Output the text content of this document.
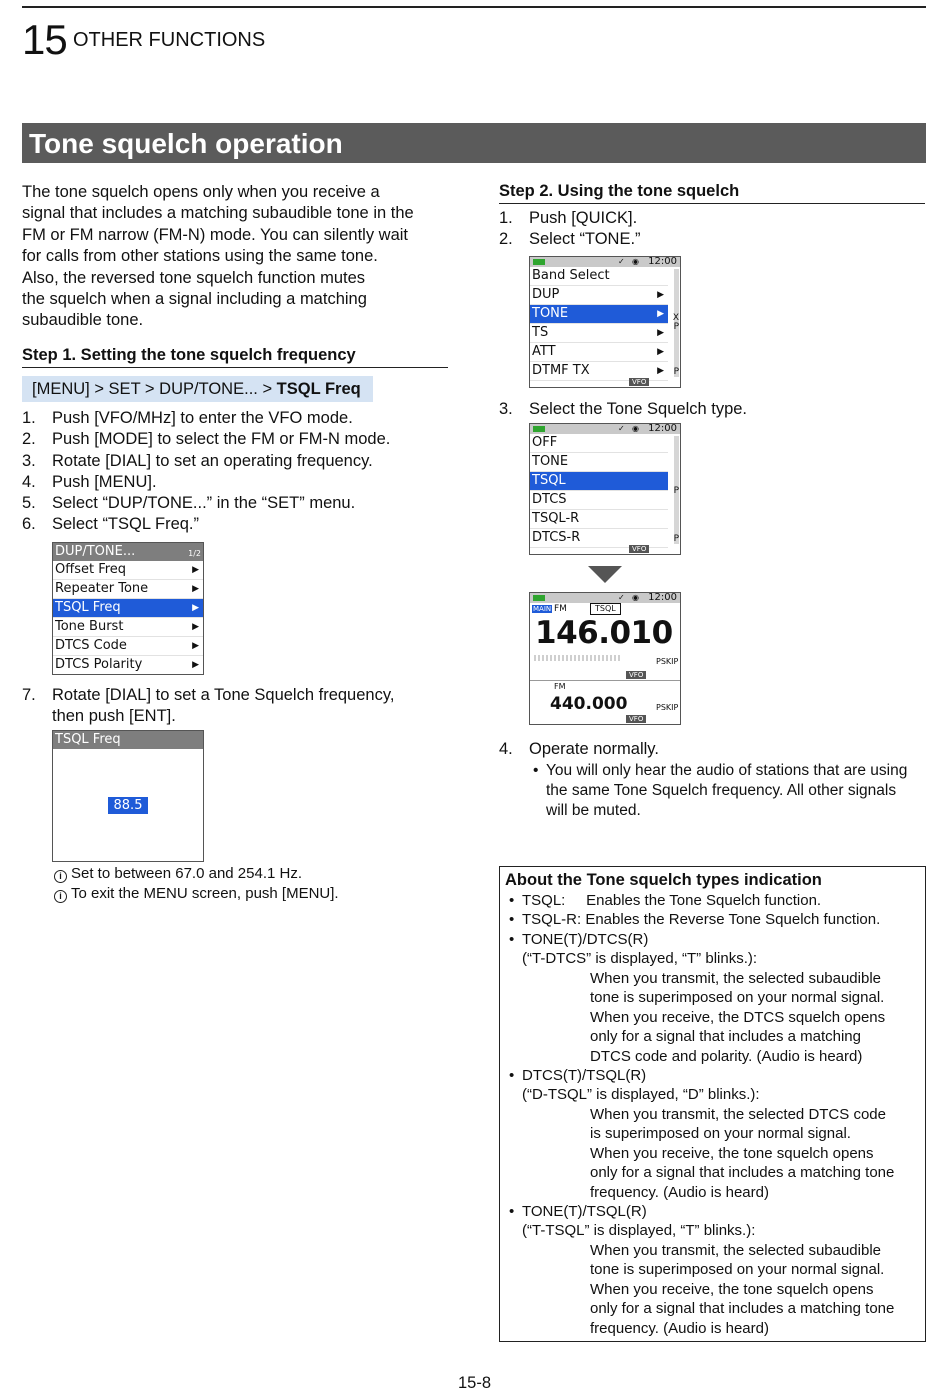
15 OTHER FUNCTIONS
Tone squelch operation
The tone squelch opens only when you receive a
signal that includes a matching subaudible tone in the
FM or FM narrow (FM-N) mode. You can silently wait
for calls from other stations using the same tone.
Also, the reversed tone squelch function mutes
the squelch when a signal including a matching
subaudible tone.
Step 1. Setting the tone squelch frequency
[MENU] > SET > DUP/TONE... > TSQL Freq
1. Push [VFO/MHz] to enter the VFO mode.
2. Push [MODE] to select the FM or FM-N mode.
3. Rotate [DIAL] to set an operating frequency.
4. Push [MENU].
5. Select “DUP/TONE...” in the “SET” menu.
6. Select “TSQL Freq.”
DUP/TONE...	1/2
Offset Freq	▶
Repeater Tone	▶
TSQL Freq	▶
Tone Burst	▶
DTCS Code	▶
DTCS Polarity	▶
7. Rotate [DIAL] to set a Tone Squelch frequency,
then push [ENT].
TSQL Freq
88.5
i Set to between 67.0 and 254.1 Hz.
i To exit the MENU screen, push [MENU].
Step 2. Using the tone squelch
1. Push [QUICK].
2. Select “TONE.”
✓ ◉ 12:00
Band Select
DUP	▶
TONE	▶
TS	▶
ATT	▶
DTMF TX	▶
X
P
P
VFO
3. Select the Tone Squelch type.
✓ ◉ 12:00
OFF
TONE
TSQL
DTCS
TSQL-R
DTCS-R
P
P
VFO
✓ ◉ 12:00
MAIN FM	TSQL
146.010
PSKIP
VFO
FM
440.000	PSKIP
VFO
4. Operate normally.
• You will only hear the audio of stations that are using
the same Tone Squelch frequency. All other signals
will be muted.
About the Tone squelch types indication
• TSQL:     Enables the Tone Squelch function.
• TSQL-R: Enables the Reverse Tone Squelch function.
• TONE(T)/DTCS(R)
(“T-DTCS” is displayed, “T” blinks.):
When you transmit, the selected subaudible
tone is superimposed on your normal signal.
When you receive, the DTCS squelch opens
only for a signal that includes a matching
DTCS code and polarity. (Audio is heard)
• DTCS(T)/TSQL(R)
(“D-TSQL” is displayed, “D” blinks.):
When you transmit, the selected DTCS code
is superimposed on your normal signal.
When you receive, the tone squelch opens
only for a signal that includes a matching tone
frequency. (Audio is heard)
• TONE(T)/TSQL(R)
(“T-TSQL” is displayed, “T” blinks.):
When you transmit, the selected subaudible
tone is superimposed on your normal signal.
When you receive, the tone squelch opens
only for a signal that includes a matching tone
frequency. (Audio is heard)
15-8
